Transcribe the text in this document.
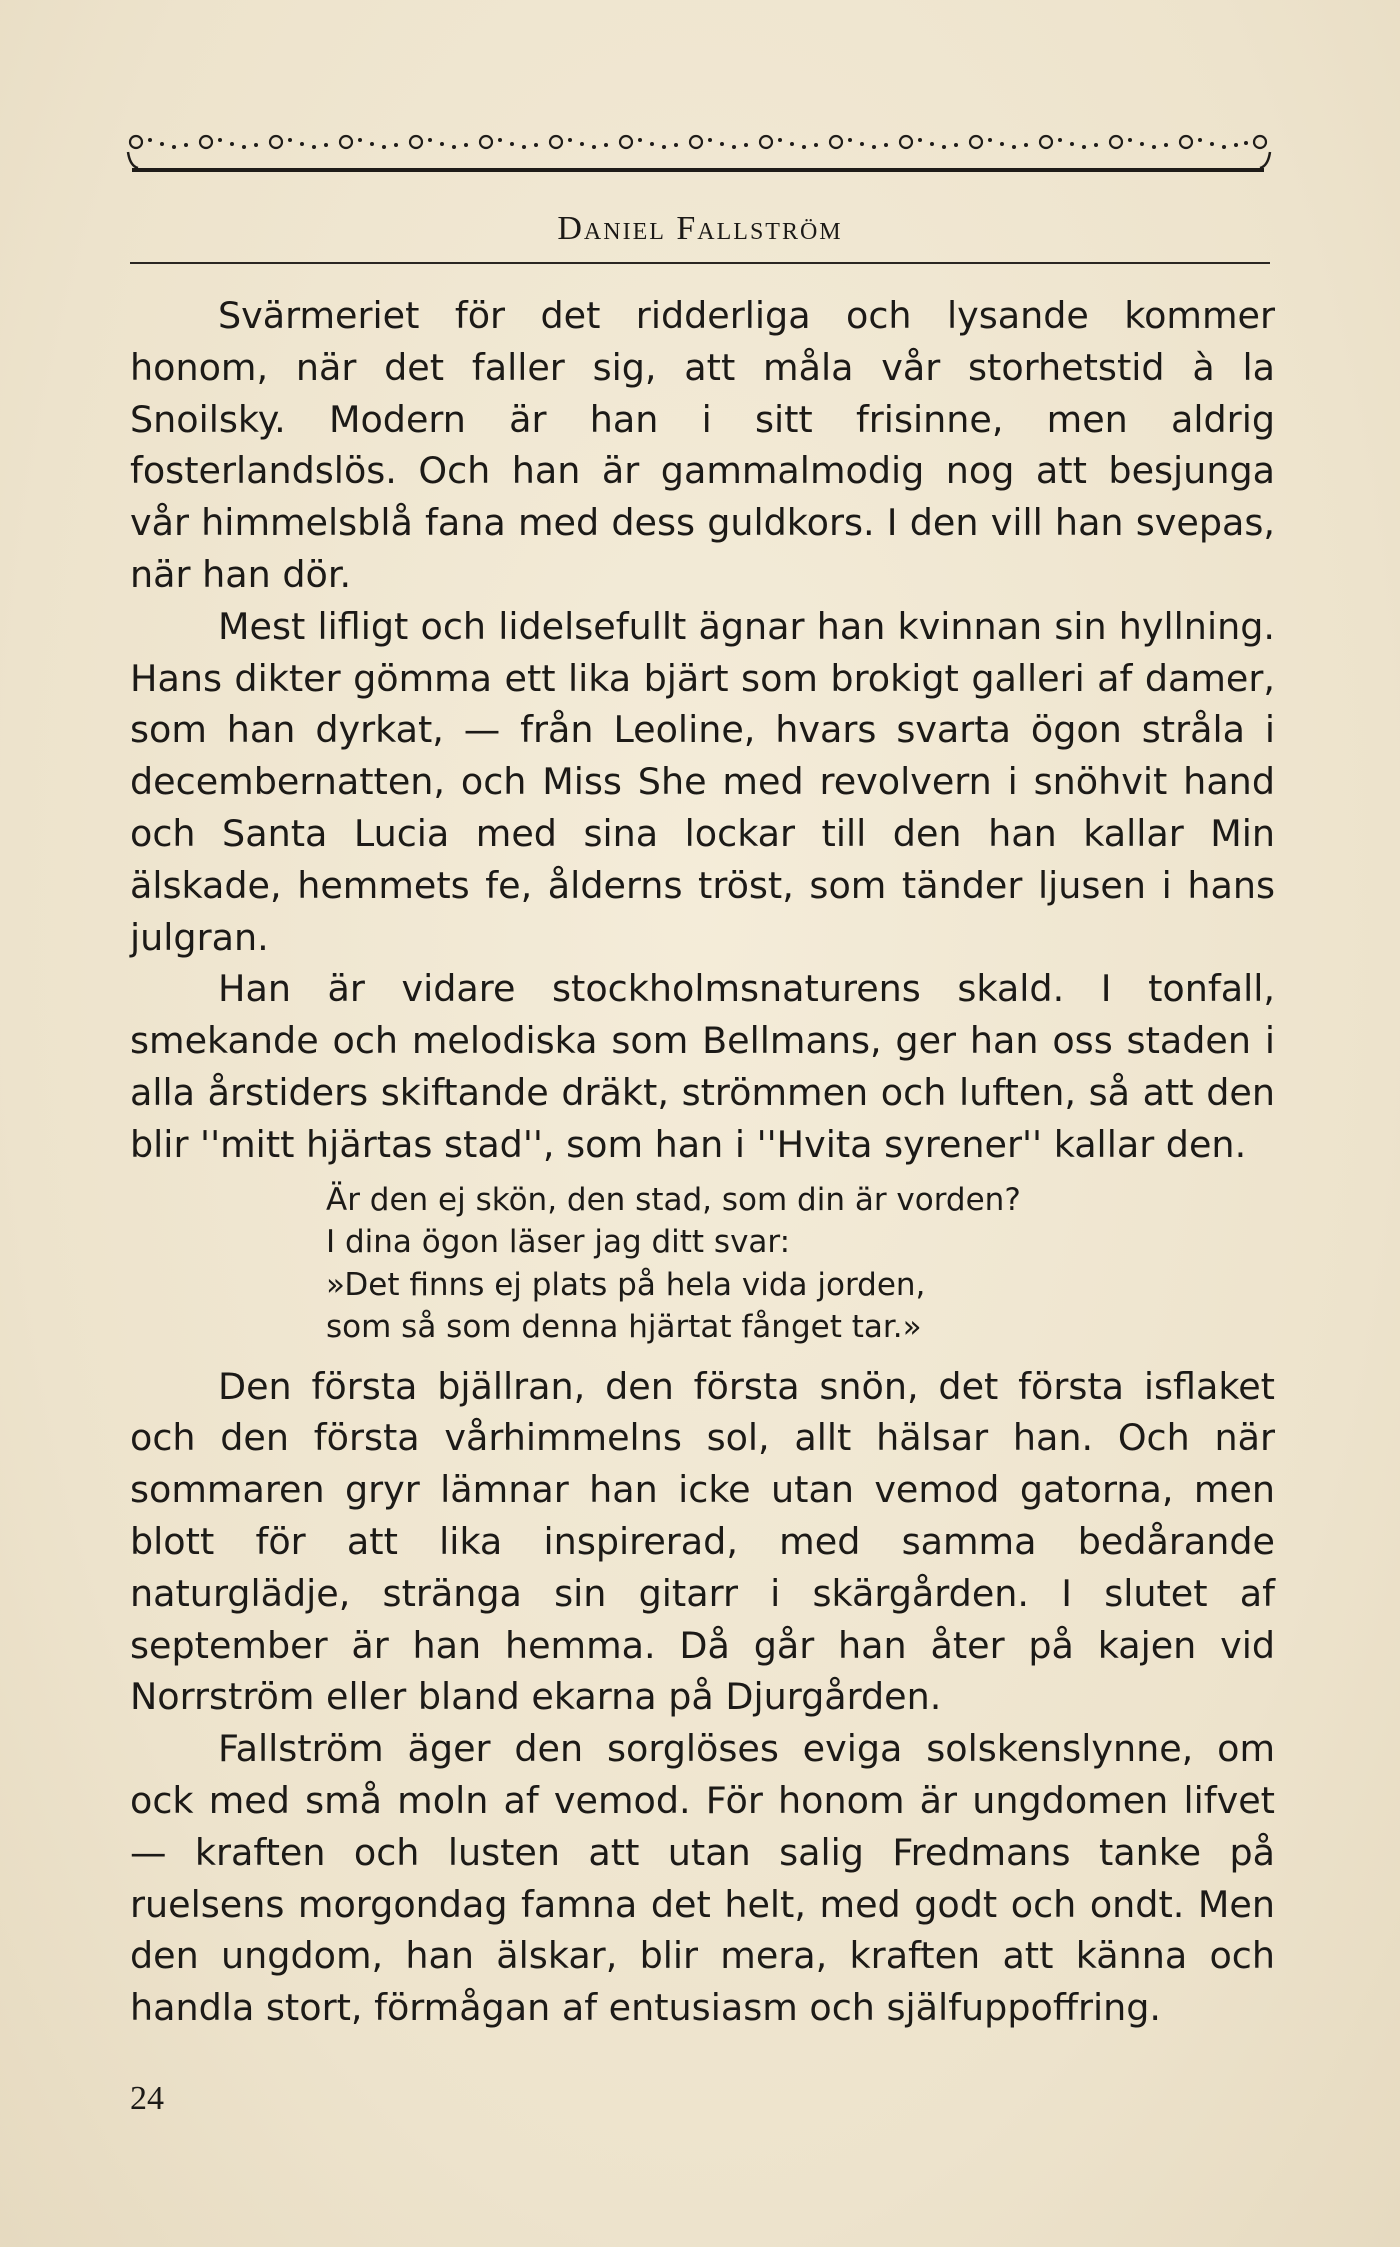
Daniel Fallström

Svärmeriet för det ridderliga och lysande kommer honom, när det faller sig, att måla vår storhetstid à la Snoilsky. Modern är han i sitt frisinne, men aldrig fosterlandslös. Och han är gammalmodig nog att besjunga vår himmelsblå fana med dess guldkors. I den vill han svepas, när han dör.

Mest lifligt och lidelsefullt ägnar han kvinnan sin hyllning. Hans dikter gömma ett lika bjärt som brokigt galleri af damer, som han dyrkat, — från Leoline, hvars svarta ögon stråla i decembernatten, och Miss She med revolvern i snöhvit hand och Santa Lucia med sina lockar till den han kallar Min älskade, hemmets fe, ålderns tröst, som tänder ljusen i hans julgran.

Han är vidare stockholmsnaturens skald. I tonfall, smekande och melodiska som Bellmans, ger han oss staden i alla årstiders skiftande dräkt, strömmen och luften, så att den blir ''mitt hjärtas stad'', som han i ''Hvita syrener'' kallar den.

Är den ej skön, den stad, som din är vorden?
I dina ögon läser jag ditt svar:
»Det finns ej plats på hela vida jorden,
som så som denna hjärtat fånget tar.»

Den första bjällran, den första snön, det första isflaket och den första vårhimmelns sol, allt hälsar han. Och när sommaren gryr lämnar han icke utan vemod gatorna, men blott för att lika inspirerad, med samma bedårande naturglädje, stränga sin gitarr i skärgården. I slutet af september är han hemma. Då går han åter på kajen vid Norrström eller bland ekarna på Djurgården.

Fallström äger den sorglöses eviga solskenslynne, om ock med små moln af vemod. För honom är ungdomen lifvet — kraften och lusten att utan salig Fredmans tanke på ruelsens morgondag famna det helt, med godt och ondt. Men den ungdom, han älskar, blir mera, kraften att känna och handla stort, förmågan af entusiasm och själfuppoffring.

24
